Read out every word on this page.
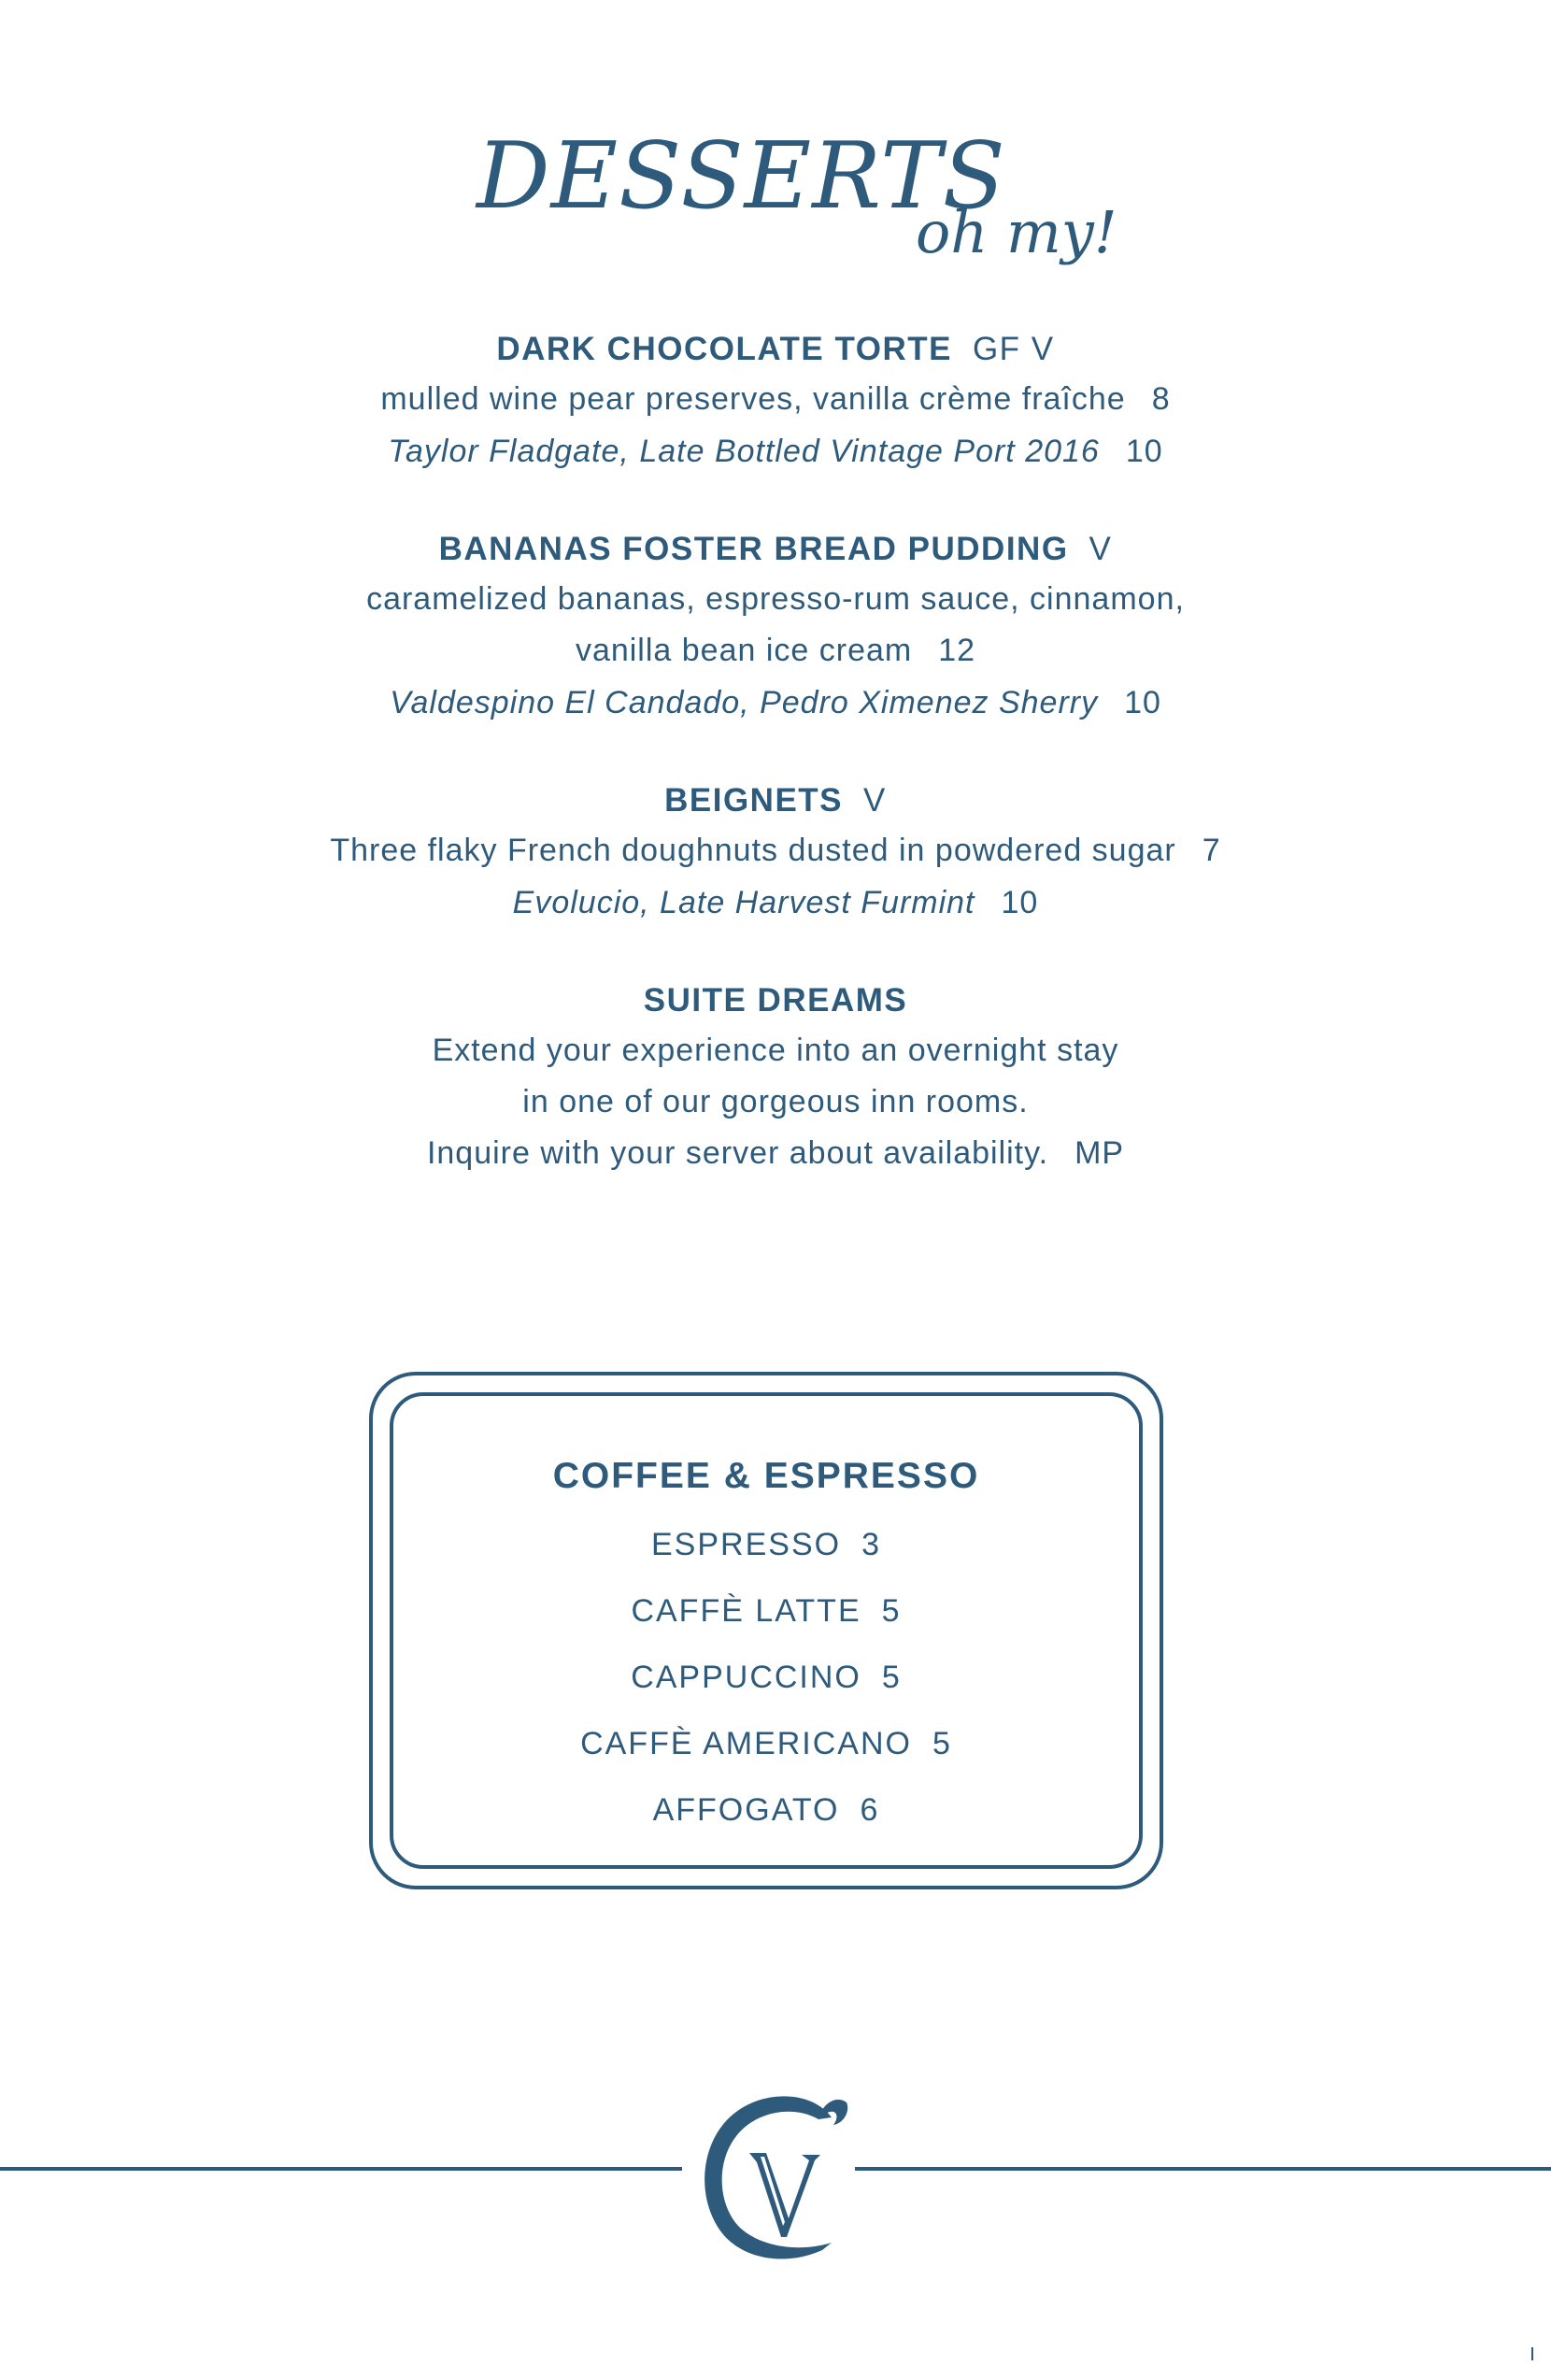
DESSERTS
oh my!
DARK CHOCOLATE TORTE GF V
mulled wine pear preserves, vanilla crème fraîche 8
Taylor Fladgate, Late Bottled Vintage Port 2016 10
BANANAS FOSTER BREAD PUDDING V
caramelized bananas, espresso-rum sauce, cinnamon,
vanilla bean ice cream 12
Valdespino El Candado, Pedro Ximenez Sherry 10
BEIGNETS V
Three flaky French doughnuts dusted in powdered sugar 7
Evolucio, Late Harvest Furmint 10
SUITE DREAMS
Extend your experience into an overnight stay
in one of our gorgeous inn rooms.
Inquire with your server about availability. MP
COFFEE & ESPRESSO
ESPRESSO 3
CAFFÈ LATTE 5
CAPPUCCINO 5
CAFFÈ AMERICANO 5
AFFOGATO 6
